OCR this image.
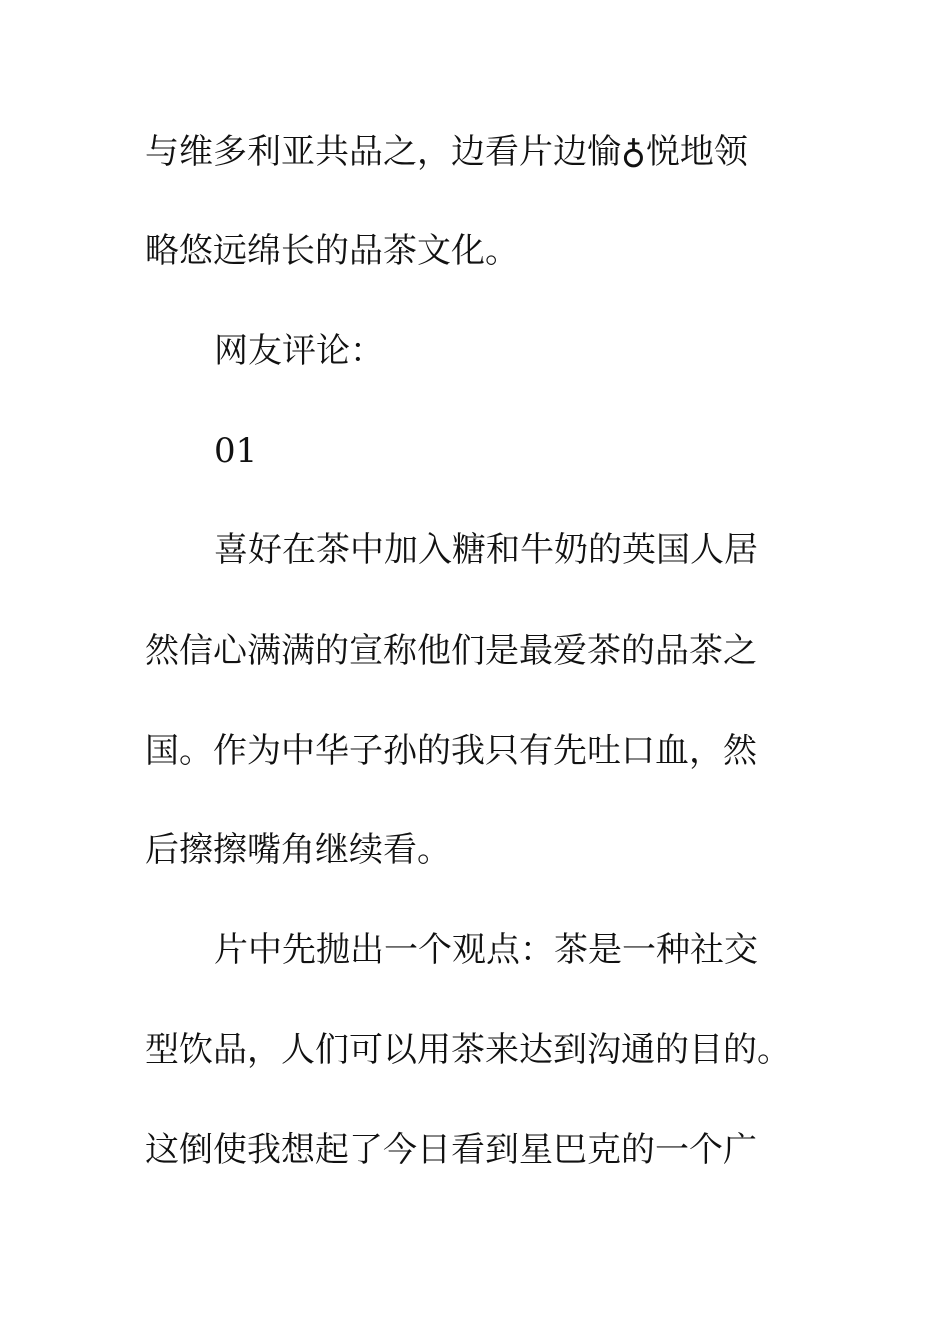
与维多利亚共品之，边看片边愉♁悦地领
略悠远绵长的品茶文化。
网友评论：
01
喜好在茶中加入糖和牛奶的英国人居
然信心满满的宣称他们是最爱茶的品茶之
国。作为中华子孙的我只有先吐口血，然
后擦擦嘴角继续看。
片中先抛出一个观点：茶是一种社交
型饮品，人们可以用茶来达到沟通的目的。
这倒使我想起了今日看到星巴克的一个广
